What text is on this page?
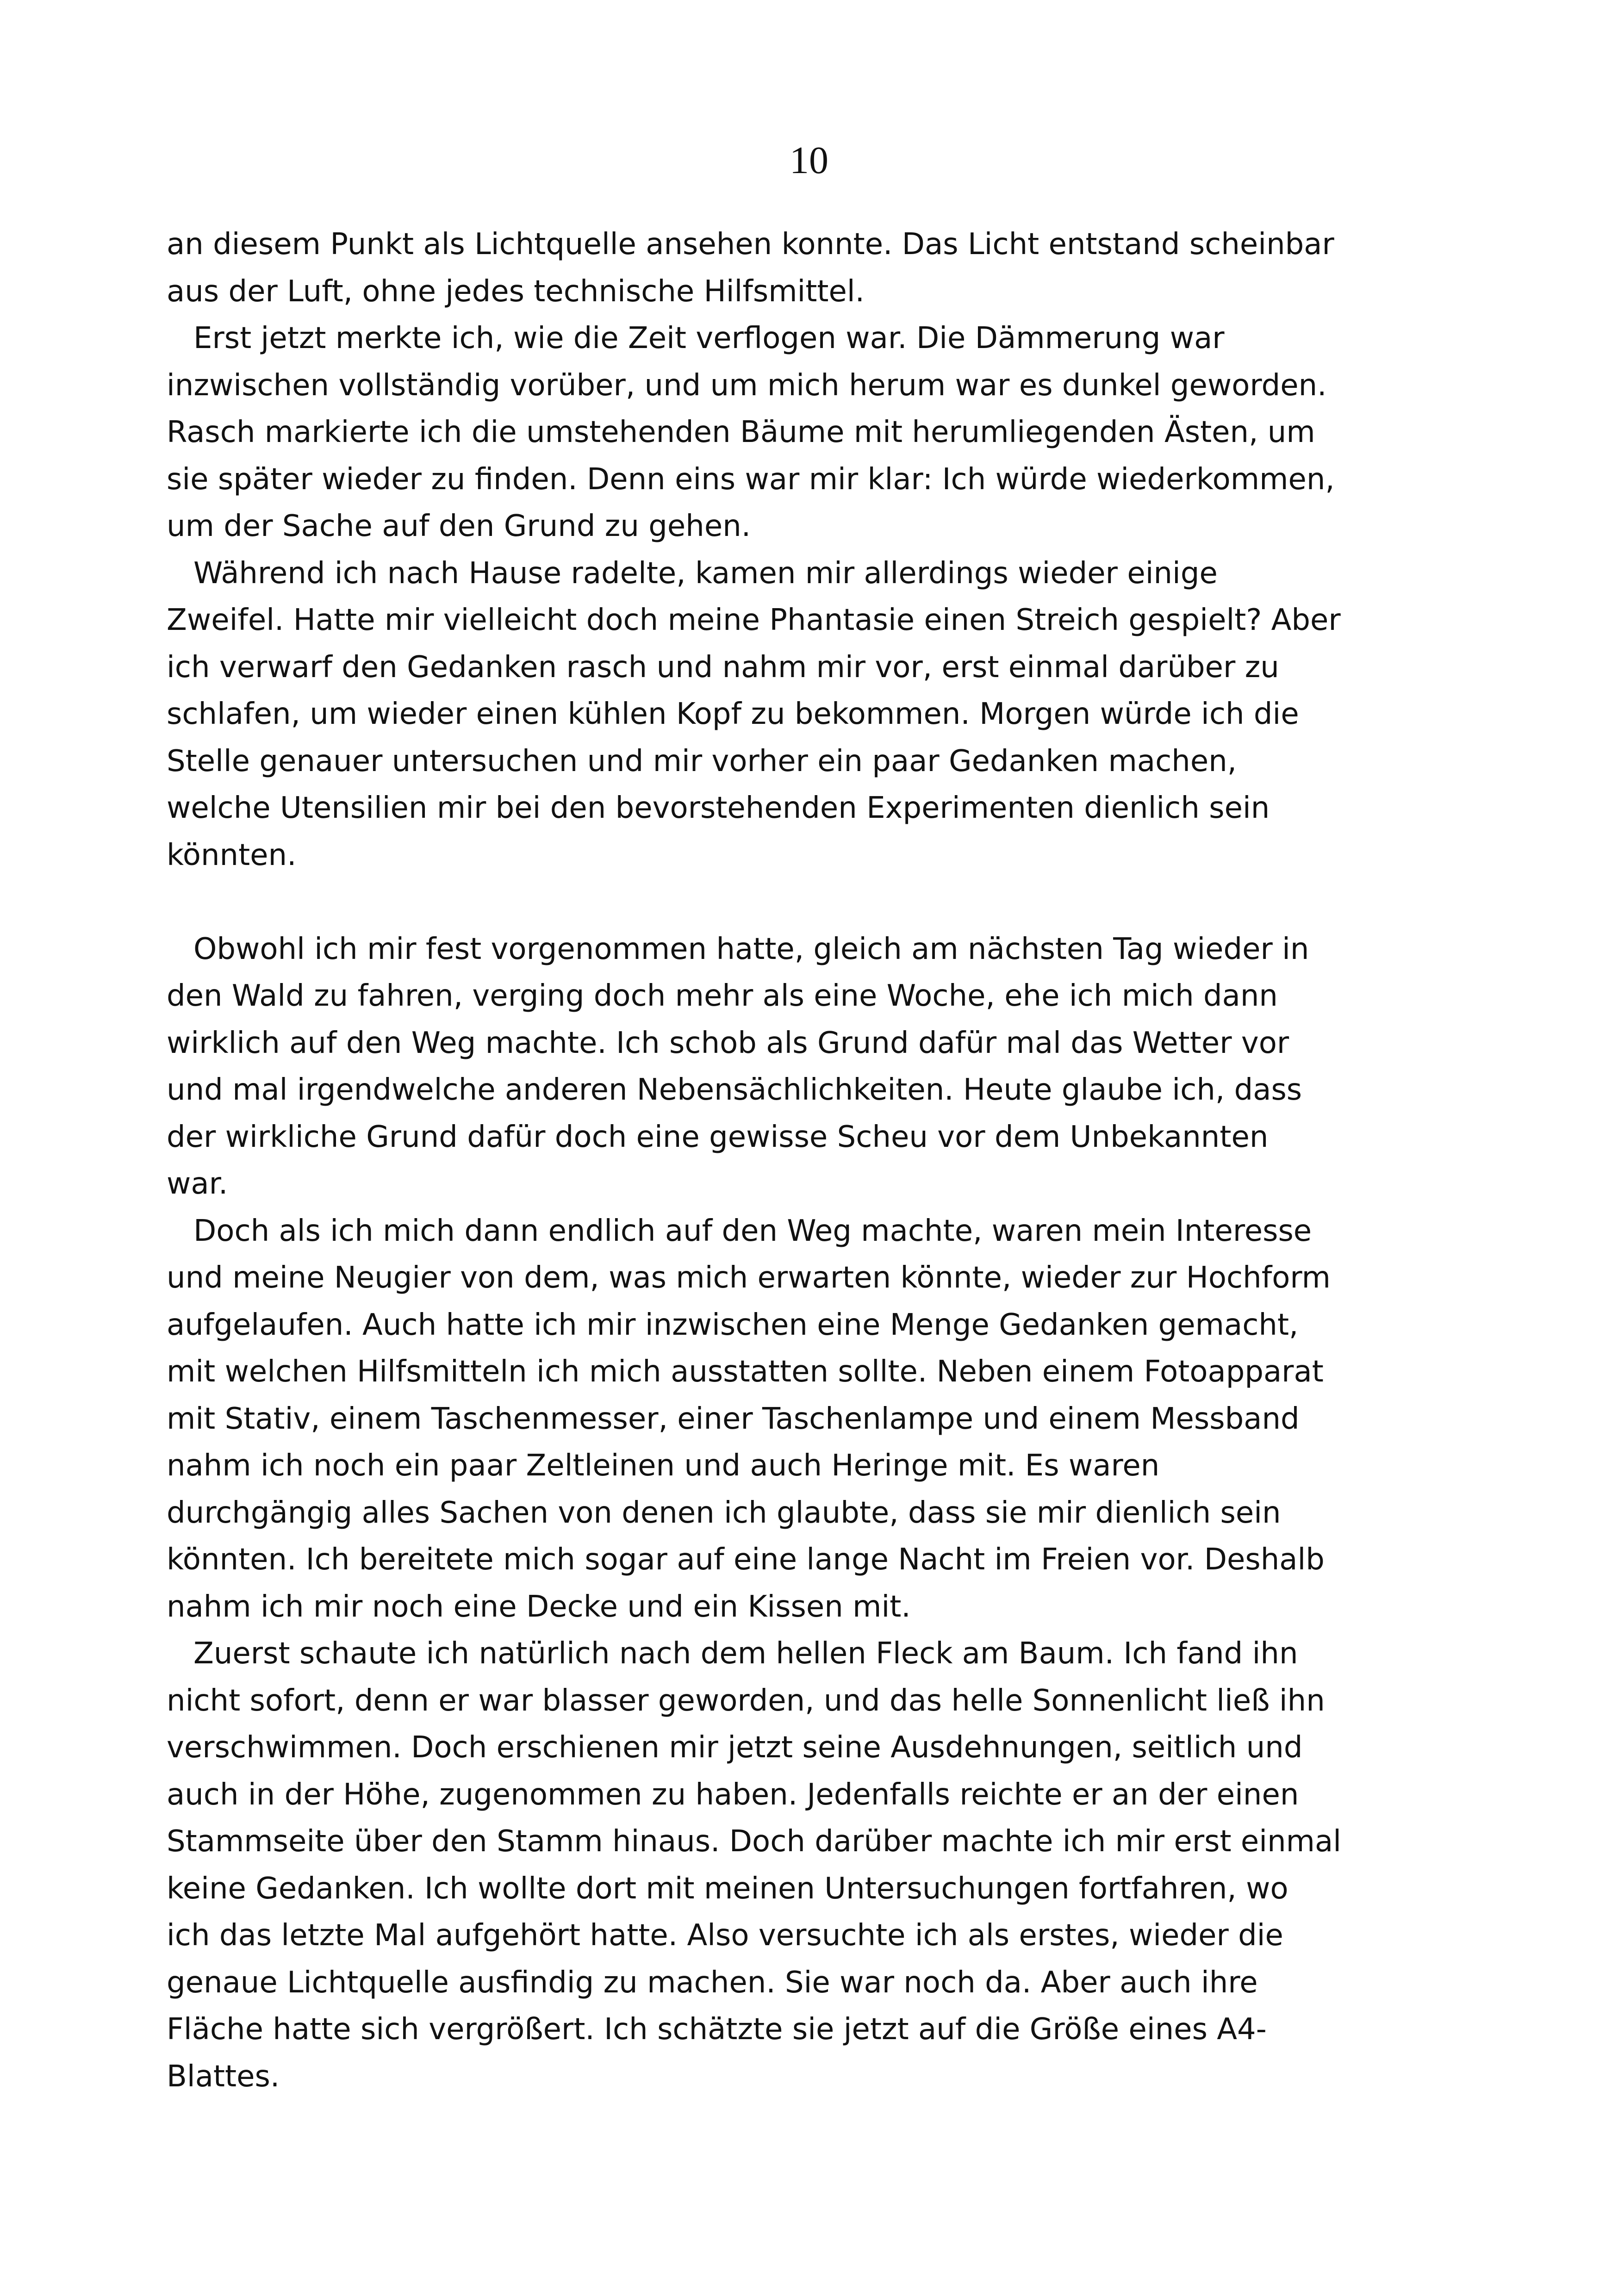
10
an diesem Punkt als Lichtquelle ansehen konnte. Das Licht entstand scheinbar
aus der Luft, ohne jedes technische Hilfsmittel.
Erst jetzt merkte ich, wie die Zeit verflogen war. Die Dämmerung war
inzwischen vollständig vorüber, und um mich herum war es dunkel geworden.
Rasch markierte ich die umstehenden Bäume mit herumliegenden Ästen, um
sie später wieder zu finden. Denn eins war mir klar: Ich würde wiederkommen,
um der Sache auf den Grund zu gehen.
Während ich nach Hause radelte, kamen mir allerdings wieder einige
Zweifel. Hatte mir vielleicht doch meine Phantasie einen Streich gespielt? Aber
ich verwarf den Gedanken rasch und nahm mir vor, erst einmal darüber zu
schlafen, um wieder einen kühlen Kopf zu bekommen. Morgen würde ich die
Stelle genauer untersuchen und mir vorher ein paar Gedanken machen,
welche Utensilien mir bei den bevorstehenden Experimenten dienlich sein
könnten.
Obwohl ich mir fest vorgenommen hatte, gleich am nächsten Tag wieder in
den Wald zu fahren, verging doch mehr als eine Woche, ehe ich mich dann
wirklich auf den Weg machte. Ich schob als Grund dafür mal das Wetter vor
und mal irgendwelche anderen Nebensächlichkeiten. Heute glaube ich, dass
der wirkliche Grund dafür doch eine gewisse Scheu vor dem Unbekannten
war.
Doch als ich mich dann endlich auf den Weg machte, waren mein Interesse
und meine Neugier von dem, was mich erwarten könnte, wieder zur Hochform
aufgelaufen. Auch hatte ich mir inzwischen eine Menge Gedanken gemacht,
mit welchen Hilfsmitteln ich mich ausstatten sollte. Neben einem Fotoapparat
mit Stativ, einem Taschenmesser, einer Taschenlampe und einem Messband
nahm ich noch ein paar Zeltleinen und auch Heringe mit. Es waren
durchgängig alles Sachen von denen ich glaubte, dass sie mir dienlich sein
könnten. Ich bereitete mich sogar auf eine lange Nacht im Freien vor. Deshalb
nahm ich mir noch eine Decke und ein Kissen mit.
Zuerst schaute ich natürlich nach dem hellen Fleck am Baum. Ich fand ihn
nicht sofort, denn er war blasser geworden, und das helle Sonnenlicht ließ ihn
verschwimmen. Doch erschienen mir jetzt seine Ausdehnungen, seitlich und
auch in der Höhe, zugenommen zu haben. Jedenfalls reichte er an der einen
Stammseite über den Stamm hinaus. Doch darüber machte ich mir erst einmal
keine Gedanken. Ich wollte dort mit meinen Untersuchungen fortfahren, wo
ich das letzte Mal aufgehört hatte. Also versuchte ich als erstes, wieder die
genaue Lichtquelle ausfindig zu machen. Sie war noch da. Aber auch ihre
Fläche hatte sich vergrößert. Ich schätzte sie jetzt auf die Größe eines A4-
Blattes.
